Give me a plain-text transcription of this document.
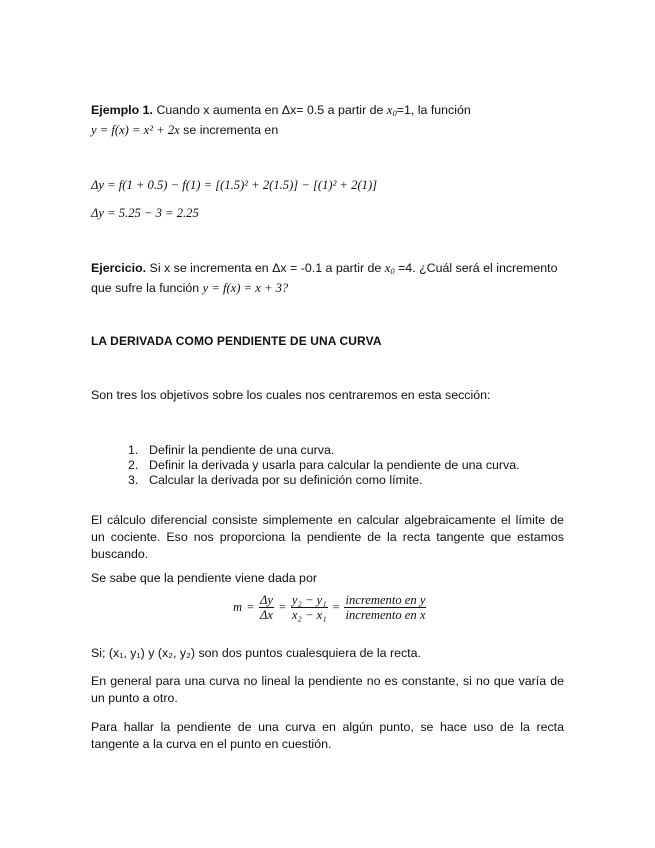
Ejemplo 1. Cuando x aumenta en Δx= 0.5 a partir de $x_0=1$, la función
y = f(x) = x² + 2x se incrementa en
Δy = f(1 + 0.5) − f(1) = [(1.5)² + 2(1.5)] − [(1)² + 2(1)]
Δy = 5.25 − 3 = 2.25
Ejercicio. Si x se incrementa en Δx = -0.1 a partir de $x_0 =4$. ¿Cuál será el incremento
que sufre la función y = f(x) = x + 3?
LA DERIVADA COMO PENDIENTE DE UNA CURVA
Son tres los objetivos sobre los cuales nos centraremos en esta sección:
1. Definir la pendiente de una curva.
2. Definir la derivada y usarla para calcular la pendiente de una curva.
3. Calcular la derivada por su definición como límite.
El cálculo diferencial consiste simplemente en calcular algebraicamente el límite de un cociente. Eso nos proporciona la pendiente de la recta tangente que estamos buscando.
Se sabe que la pendiente viene dada por
$m = \frac{\Delta y}{\Delta x} = \frac{\text{y₂ − y₁}}{\text{x₂ − x₁}} = \frac{\text{incremento en y}}{\text{incremento en x}}$
Si; (x₁, y₁) y (x₂, y₂) son dos puntos cualesquiera de la recta.
En general para una curva no lineal la pendiente no es constante, si no que varía de un punto a otro.
Para hallar la pendiente de una curva en algún punto, se hace uso de la recta tangente a la curva en el punto en cuestión.
